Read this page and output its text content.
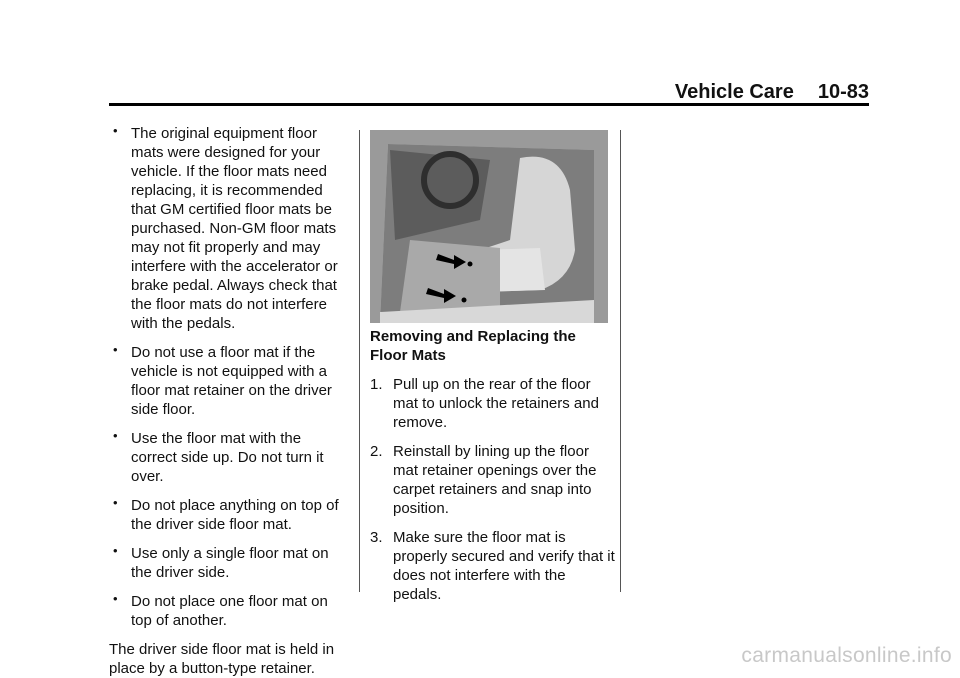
Vehicle Care 10-83
• The original equipment floor mats were designed for your vehicle. If the floor mats need replacing, it is recommended that GM certified floor mats be purchased. Non-GM floor mats may not fit properly and may interfere with the accelerator or brake pedal. Always check that the floor mats do not interfere with the pedals.
• Do not use a floor mat if the vehicle is not equipped with a floor mat retainer on the driver side floor.
• Use the floor mat with the correct side up. Do not turn it over.
• Do not place anything on top of the driver side floor mat.
• Use only a single floor mat on the driver side.
• Do not place one floor mat on top of another.

The driver side floor mat is held in place by a button-type retainer.

Removing and Replacing the Floor Mats

1. Pull up on the rear of the floor mat to unlock the retainers and remove.
2. Reinstall by lining up the floor mat retainer openings over the carpet retainers and snap into position.
3. Make sure the floor mat is properly secured and verify that it does not interfere with the pedals.
carmanualsonline.info
